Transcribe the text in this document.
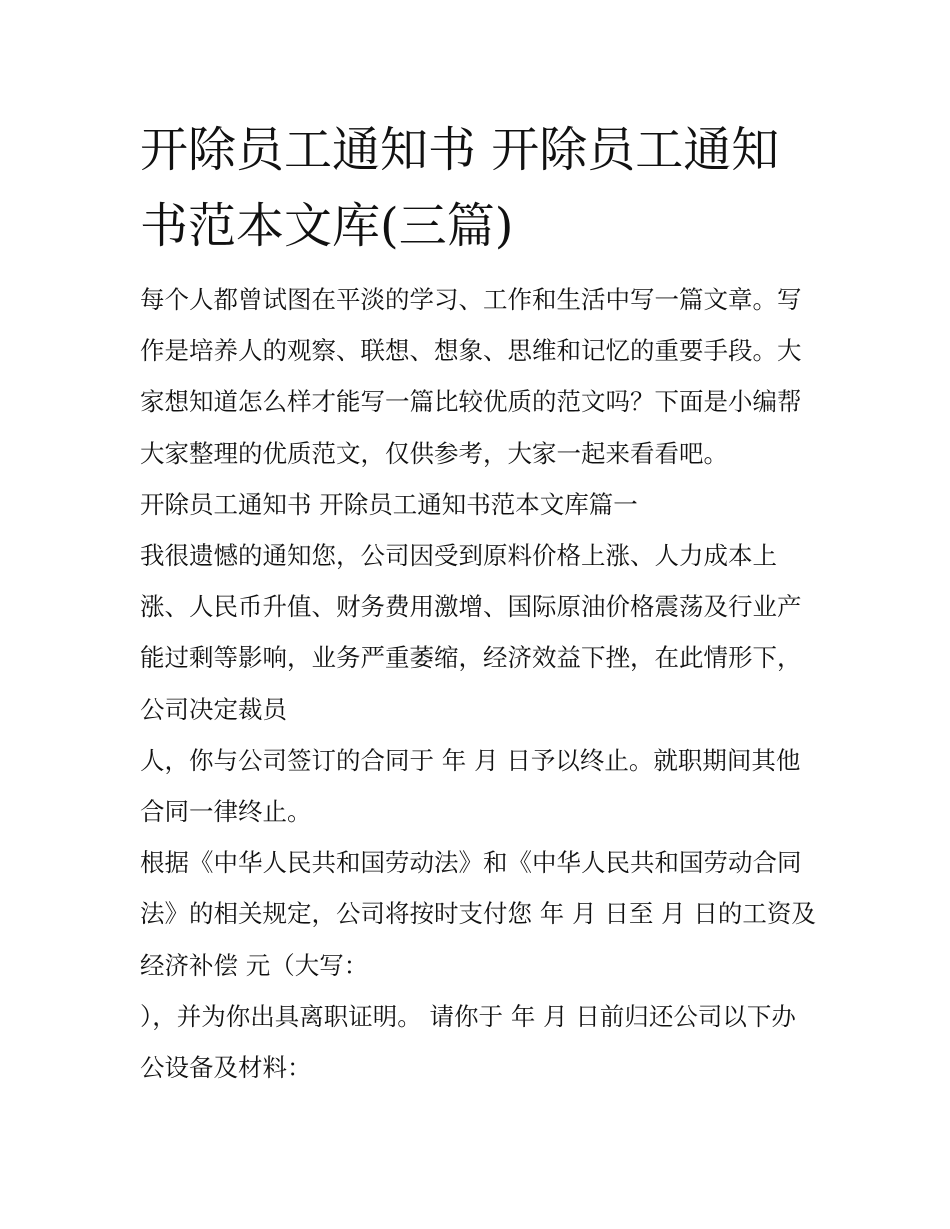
开除员工通知书 开除员工通知
书范本文库(三篇)

每个人都曾试图在平淡的学习、工作和生活中写一篇文章。写作是培养人的观察、联想、想象、思维和记忆的重要手段。大家想知道怎么样才能写一篇比较优质的范文吗？下面是小编帮大家整理的优质范文，仅供参考，大家一起来看看吧。

开除员工通知书 开除员工通知书范本文库篇一

我很遗憾的通知您，公司因受到原料价格上涨、人力成本上涨、人民币升值、财务费用激增、国际原油价格震荡及行业产能过剩等影响，业务严重萎缩，经济效益下挫，在此情形下，公司决定裁员

人，你与公司签订的合同于 年 月 日予以终止。就职期间其他合同一律终止。

根据《中华人民共和国劳动法》和《中华人民共和国劳动合同法》的相关规定，公司将按时支付您 年 月 日至 月 日的工资及经济补偿 元（大写：

），并为你出具离职证明。 请你于 年 月 日前归还公司以下办公设备及材料：
